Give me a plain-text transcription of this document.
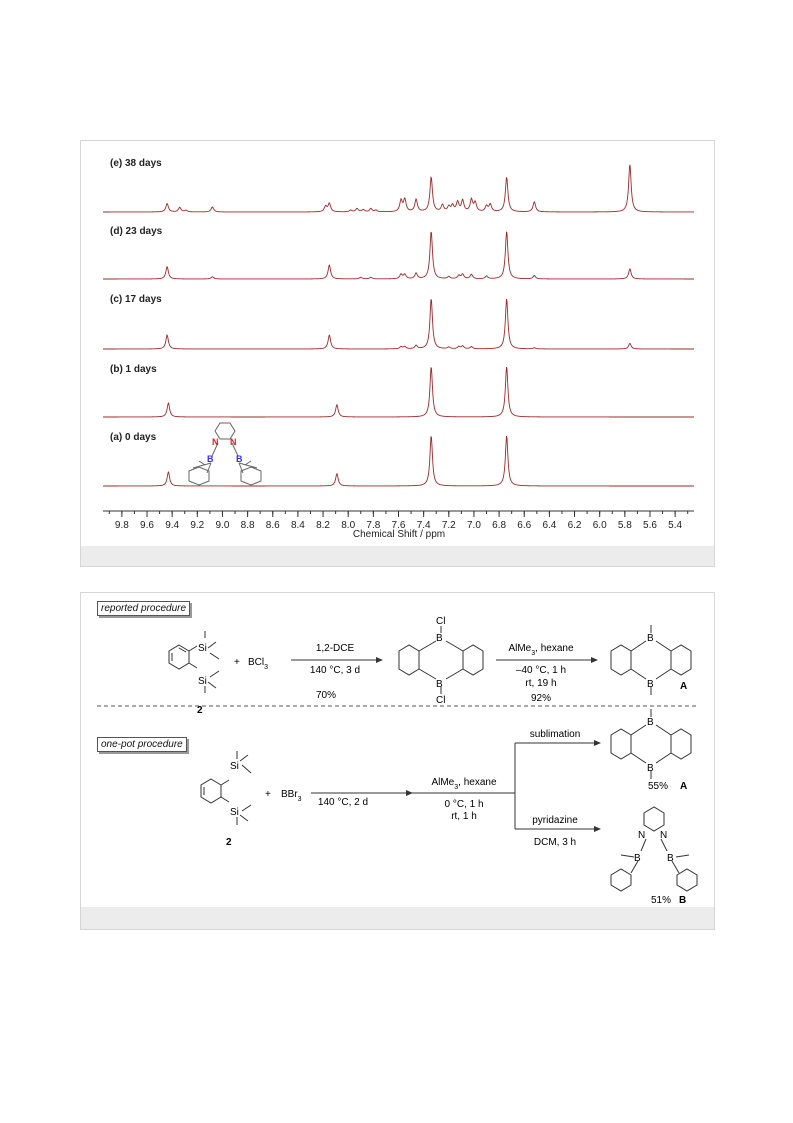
(e) 38 days
(d) 23 days
(c) 17 days
(b) 1 days
(a) 0 days	N N
B	B
9.8 9.6 9.4 9.2 9.0 8.8 8.6 8.4 8.2 8.0 7.8 7.6 7.4 7.2 7.0 6.8 6.6 6.4 6.2 6.0 5.8 5.6 5.4
Chemical Shift / ppm
reported procedure
one-pot procedure
Si
Si
2
+ BCl$_3$
1,2-DCE
140 °C, 3 d
70%
B
B
Cl
Cl
AlMe$_3$, hexane
–40 °C, 1 h
rt, 19 h
92%
B
B	A
Si
Si
2
+ BBr$_3$ 140 °C, 2 d
AlMe$_3$, hexane
0 °C, 1 h
rt, 1 h
sublimation
pyridazine
DCM, 3 h
B
B
55% A
N N
B	B
51% B
